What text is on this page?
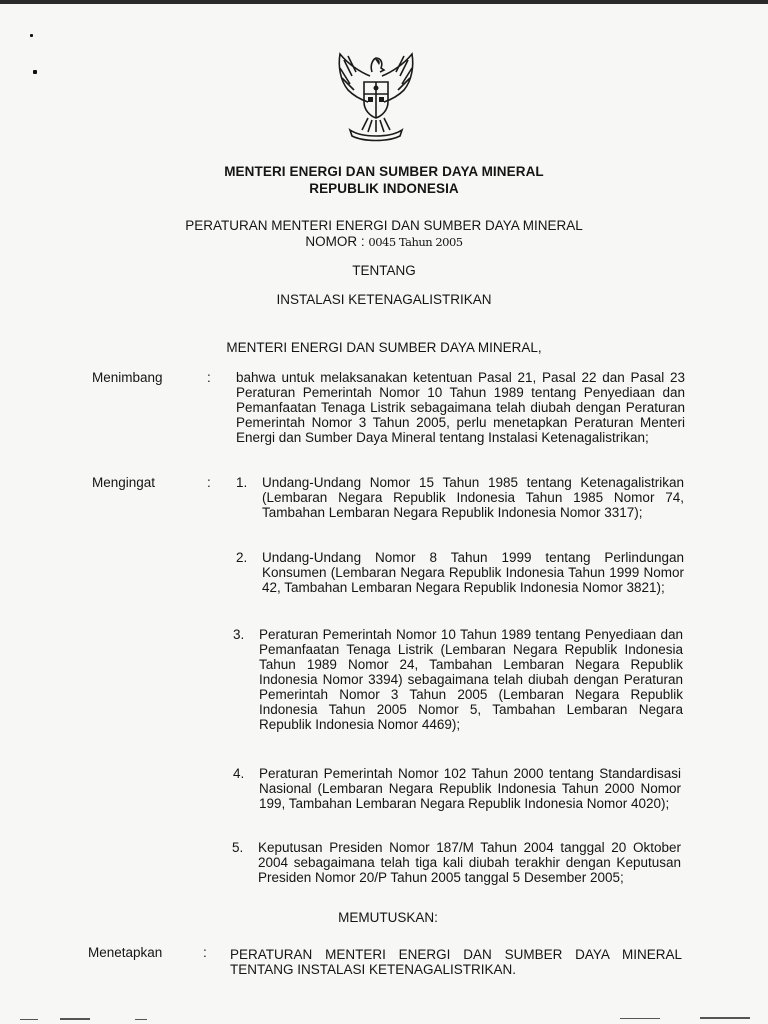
MENTERI ENERGI DAN SUMBER DAYA MINERAL
REPUBLIK INDONESIA
PERATURAN MENTERI ENERGI DAN SUMBER DAYA MINERAL
NOMOR : 0045 Tahun 2005
TENTANG
INSTALASI KETENAGALISTRIKAN
MENTERI ENERGI DAN SUMBER DAYA MINERAL,
Menimbang	: bahwa untuk melaksanakan ketentuan Pasal 21, Pasal 22 dan Pasal 23 Peraturan Pemerintah Nomor 10 Tahun 1989 tentang Penyediaan dan Pemanfaatan Tenaga Listrik sebagaimana telah diubah dengan Peraturan Pemerintah Nomor 3 Tahun 2005, perlu menetapkan Peraturan Menteri Energi dan Sumber Daya Mineral tentang Instalasi Ketenagalistrikan;
Mengingat	: 1. Undang-Undang Nomor 15 Tahun 1985 tentang Ketenagalistrikan (Lembaran Negara Republik Indonesia Tahun 1985 Nomor 74, Tambahan Lembaran Negara Republik Indonesia Nomor 3317);
2. Undang-Undang Nomor 8 Tahun 1999 tentang Perlindungan Konsumen (Lembaran Negara Republik Indonesia Tahun 1999 Nomor 42, Tambahan Lembaran Negara Republik Indonesia Nomor 3821);
3. Peraturan Pemerintah Nomor 10 Tahun 1989 tentang Penyediaan dan Pemanfaatan Tenaga Listrik (Lembaran Negara Republik Indonesia Tahun 1989 Nomor 24, Tambahan Lembaran Negara Republik Indonesia Nomor 3394) sebagaimana telah diubah dengan Peraturan Pemerintah Nomor 3 Tahun 2005 (Lembaran Negara Republik Indonesia Tahun 2005 Nomor 5, Tambahan Lembaran Negara Republik Indonesia Nomor 4469);
4. Peraturan Pemerintah Nomor 102 Tahun 2000 tentang Standardisasi Nasional (Lembaran Negara Republik Indonesia Tahun 2000 Nomor 199, Tambahan Lembaran Negara Republik Indonesia Nomor 4020);
5. Keputusan Presiden Nomor 187/M Tahun 2004 tanggal 20 Oktober 2004 sebagaimana telah tiga kali diubah terakhir dengan Keputusan Presiden Nomor 20/P Tahun 2005 tanggal 5 Desember 2005;
MEMUTUSKAN:
Menetapkan	: PERATURAN MENTERI ENERGI DAN SUMBER DAYA MINERAL TENTANG INSTALASI KETENAGALISTRIKAN.
